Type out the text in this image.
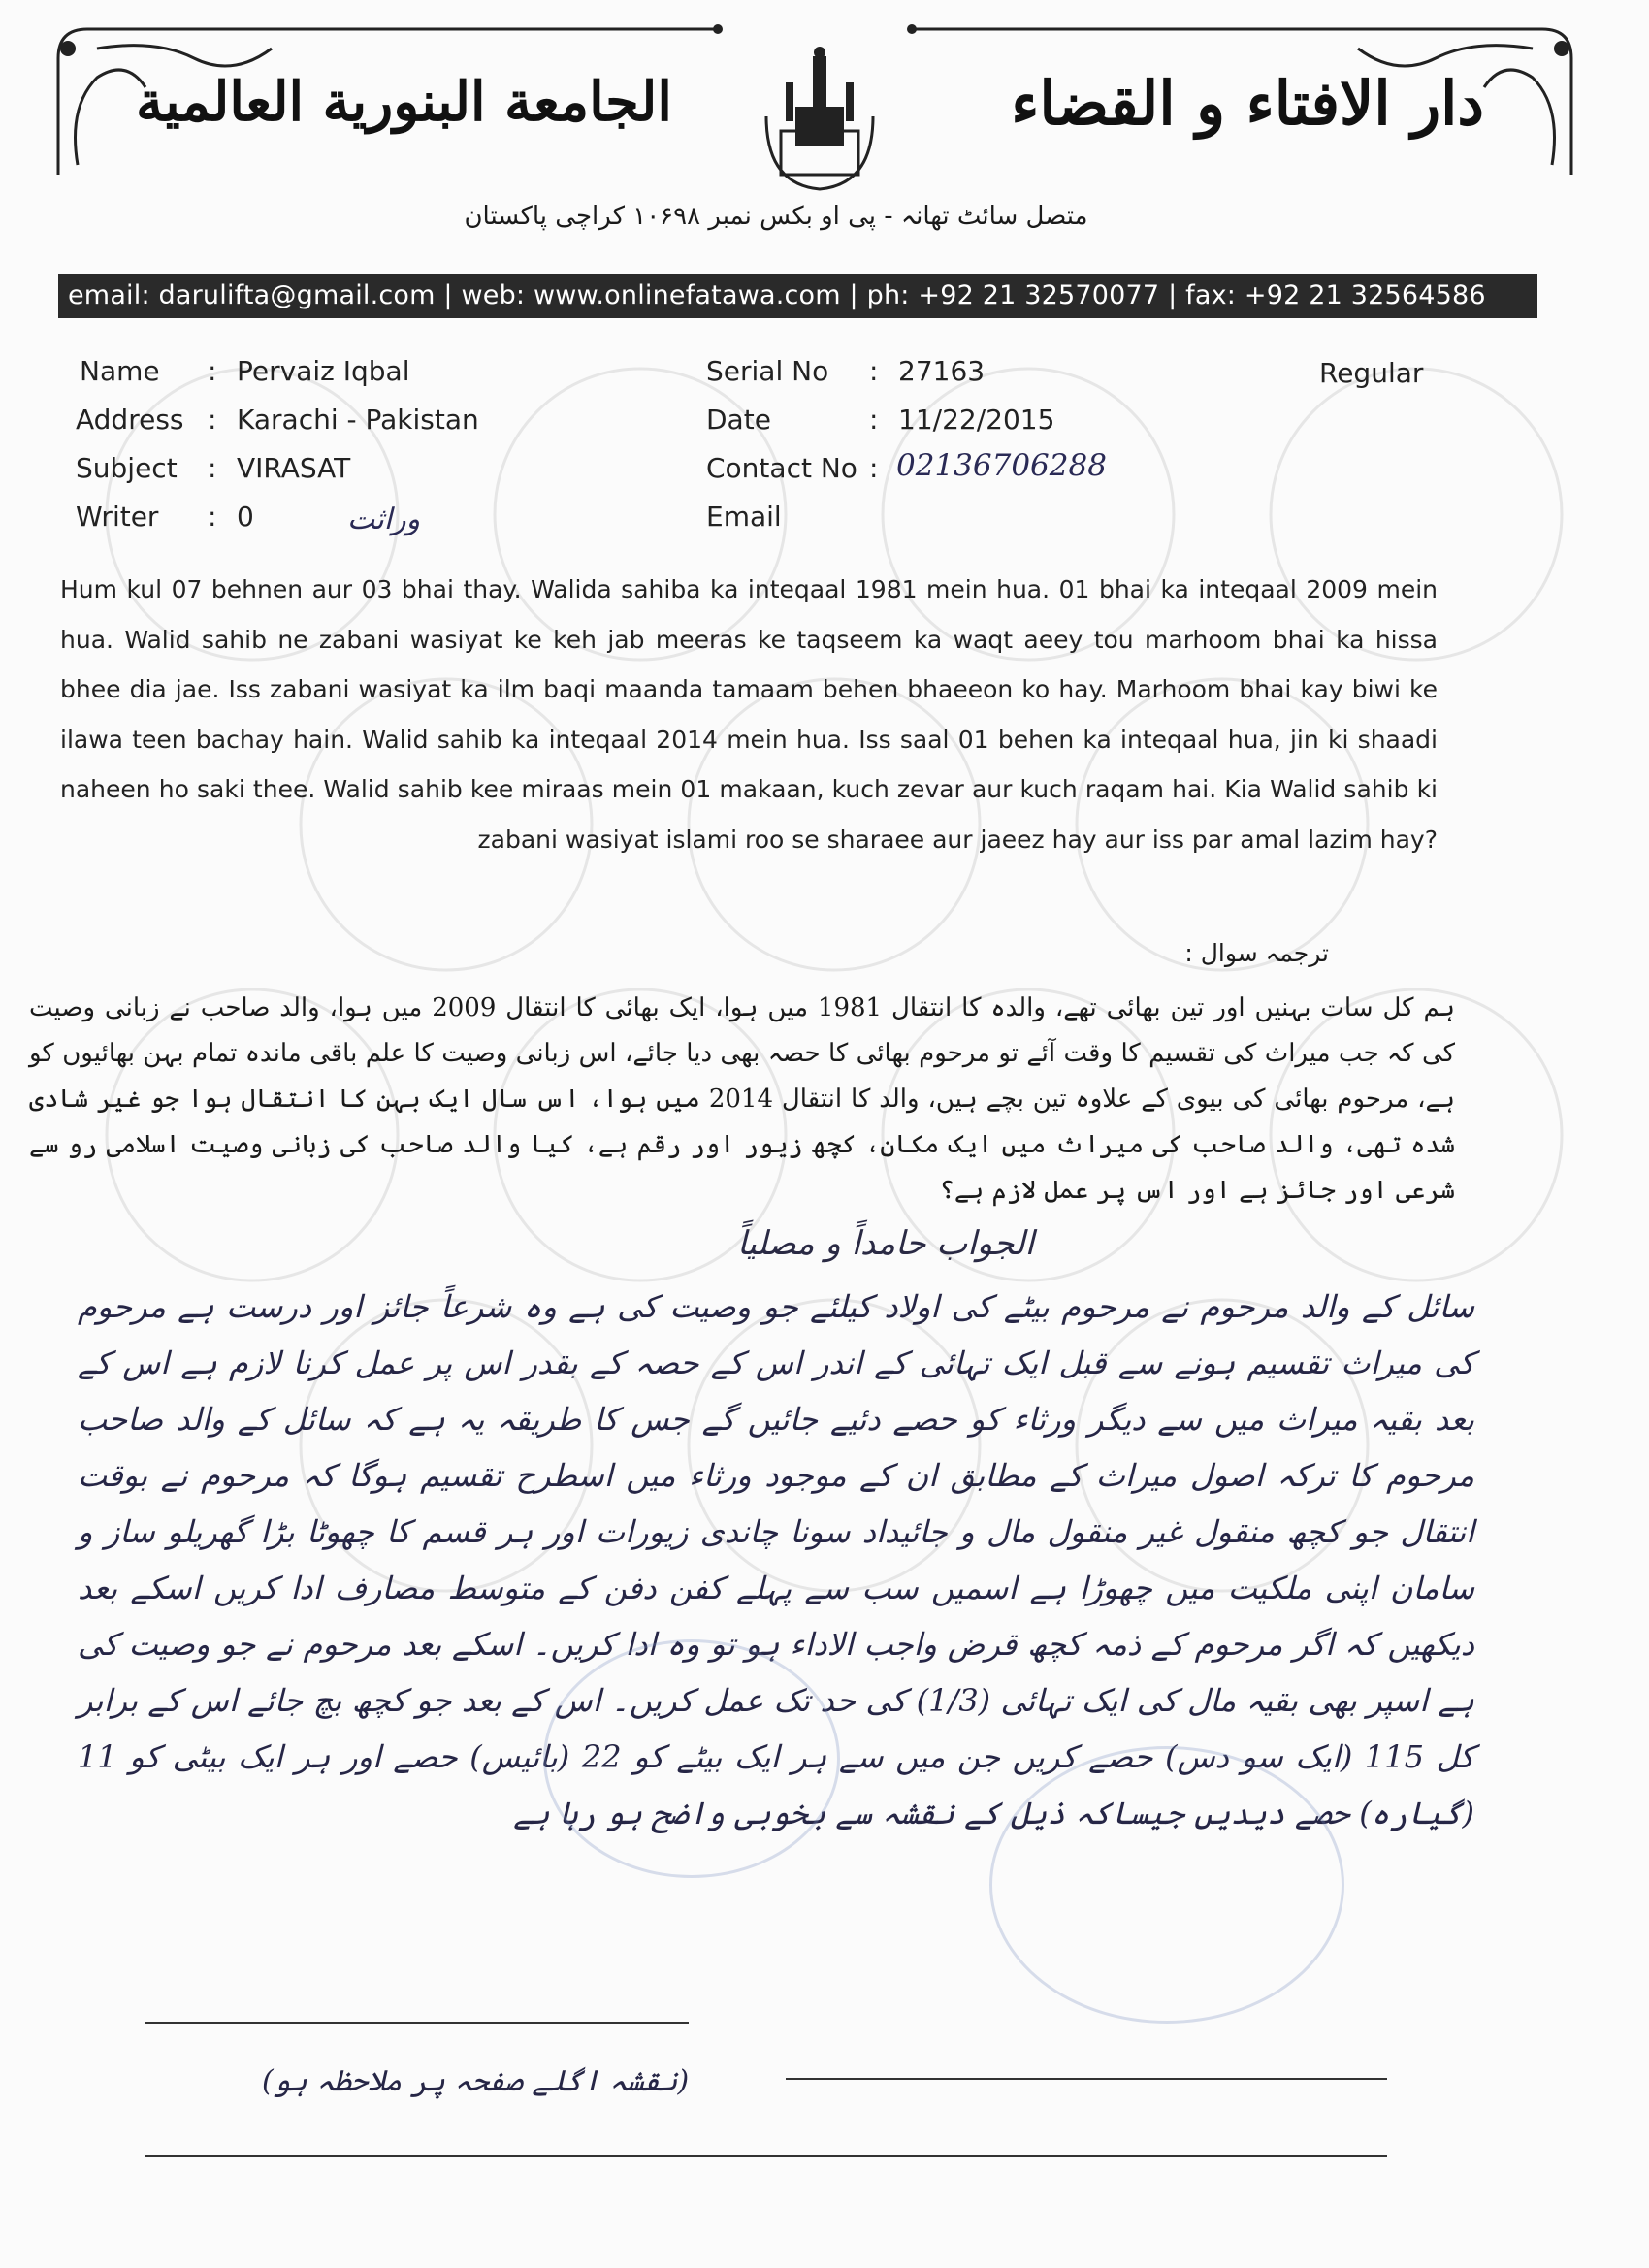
دار الافتاء و القضاء
الجامعة البنورية العالمية
متصل سائٹ تھانہ - پی او بکس نمبر ۱۰۶۹۸ کراچی پاکستان
email: darulifta@gmail.com | web: www.onlinefatawa.com | ph: +92 21 32570077 | fax: +92 21 32564586
Name : Pervaiz Iqbal
Address : Karachi - Pakistan
Subject : VIRASAT
Writer : 0	وراثت
Serial No : 27163	Regular
Date	: 11/22/2015
Contact No : 02136706288
Email
Hum kul 07 behnen aur 03 bhai thay. Walida sahiba ka inteqaal 1981 mein hua. 01 bhai ka inteqaal 2009 mein hua. Walid sahib ne zabani wasiyat ke keh jab meeras ke taqseem ka waqt aeey tou marhoom bhai ka hissa bhee dia jae. Iss zabani wasiyat ka ilm baqi maanda tamaam behen bhaeeon ko hay. Marhoom bhai kay biwi ke ilawa teen bachay hain. Walid sahib ka inteqaal 2014 mein hua. Iss saal 01 behen ka inteqaal hua, jin ki shaadi naheen ho saki thee. Walid sahib kee miraas mein 01 makaan, kuch zevar aur kuch raqam hai. Kia Walid sahib ki zabani wasiyat islami roo se sharaee aur jaeez hay aur iss par amal lazim hay?
ترجمہ سوال :
ہم کل سات بہنیں اور تین بھائی تھے، والدہ کا انتقال 1981 میں ہوا، ایک بھائی کا انتقال 2009 میں ہوا، والد صاحب نے زبانی وصیت کی کہ جب میراث کی تقسیم کا وقت آئے تو مرحوم بھائی کا حصہ بھی دیا جائے، اس زبانی وصیت کا علم باقی ماندہ تمام بہن بھائیوں کو ہے، مرحوم بھائی کی بیوی کے علاوہ تین بچے ہیں، والد کا انتقال 2014 میں ہوا، اس سال ایک بہن کا انتقال ہوا جو غیر شادی شدہ تھی، والد صاحب کی میراث میں ایک مکان، کچھ زیور اور رقم ہے، کیا والد صاحب کی زبانی وصیت اسلامی رو سے شرعی اور جائز ہے اور اس پر عمل لازم ہے؟
الجواب حامداً و مصلیاً
سائل کے والد مرحوم نے مرحوم بیٹے کی اولاد کیلئے جو وصیت کی ہے وہ شرعاً جائز اور درست ہے مرحوم کی میراث تقسیم ہونے سے قبل ایک تہائی کے اندر اس کے حصہ کے بقدر اس پر عمل کرنا لازم ہے اس کے بعد بقیہ میراث میں سے دیگر ورثاء کو حصے دئیے جائیں گے جس کا طریقہ یہ ہے کہ سائل کے والد صاحب مرحوم کا ترکہ اصول میراث کے مطابق ان کے موجود ورثاء میں اسطرح تقسیم ہوگا کہ مرحوم نے بوقت انتقال جو کچھ منقول غیر منقول مال و جائیداد سونا چاندی زیورات اور ہر قسم کا چھوٹا بڑا گھریلو ساز و سامان اپنی ملکیت میں چھوڑا ہے اسمیں سب سے پہلے کفن دفن کے متوسط مصارف ادا کریں اسکے بعد دیکھیں کہ اگر مرحوم کے ذمہ کچھ قرض واجب الاداء ہو تو وہ ادا کریں۔ اسکے بعد مرحوم نے جو وصیت کی ہے اسپر بھی بقیہ مال کی ایک تہائی (1/3) کی حد تک عمل کریں۔ اس کے بعد جو کچھ بچ جائے اس کے برابر کل 115 (ایک سو دس) حصے کریں جن میں سے ہر ایک بیٹے کو 22 (بائیس) حصے اور ہر ایک بیٹی کو 11 (گیارہ) حصے دیدیں جیساکہ ذیل کے نقشہ سے بخوبی واضح ہو رہا ہے
(نقشہ اگلے صفحہ پر ملاحظہ ہو)
